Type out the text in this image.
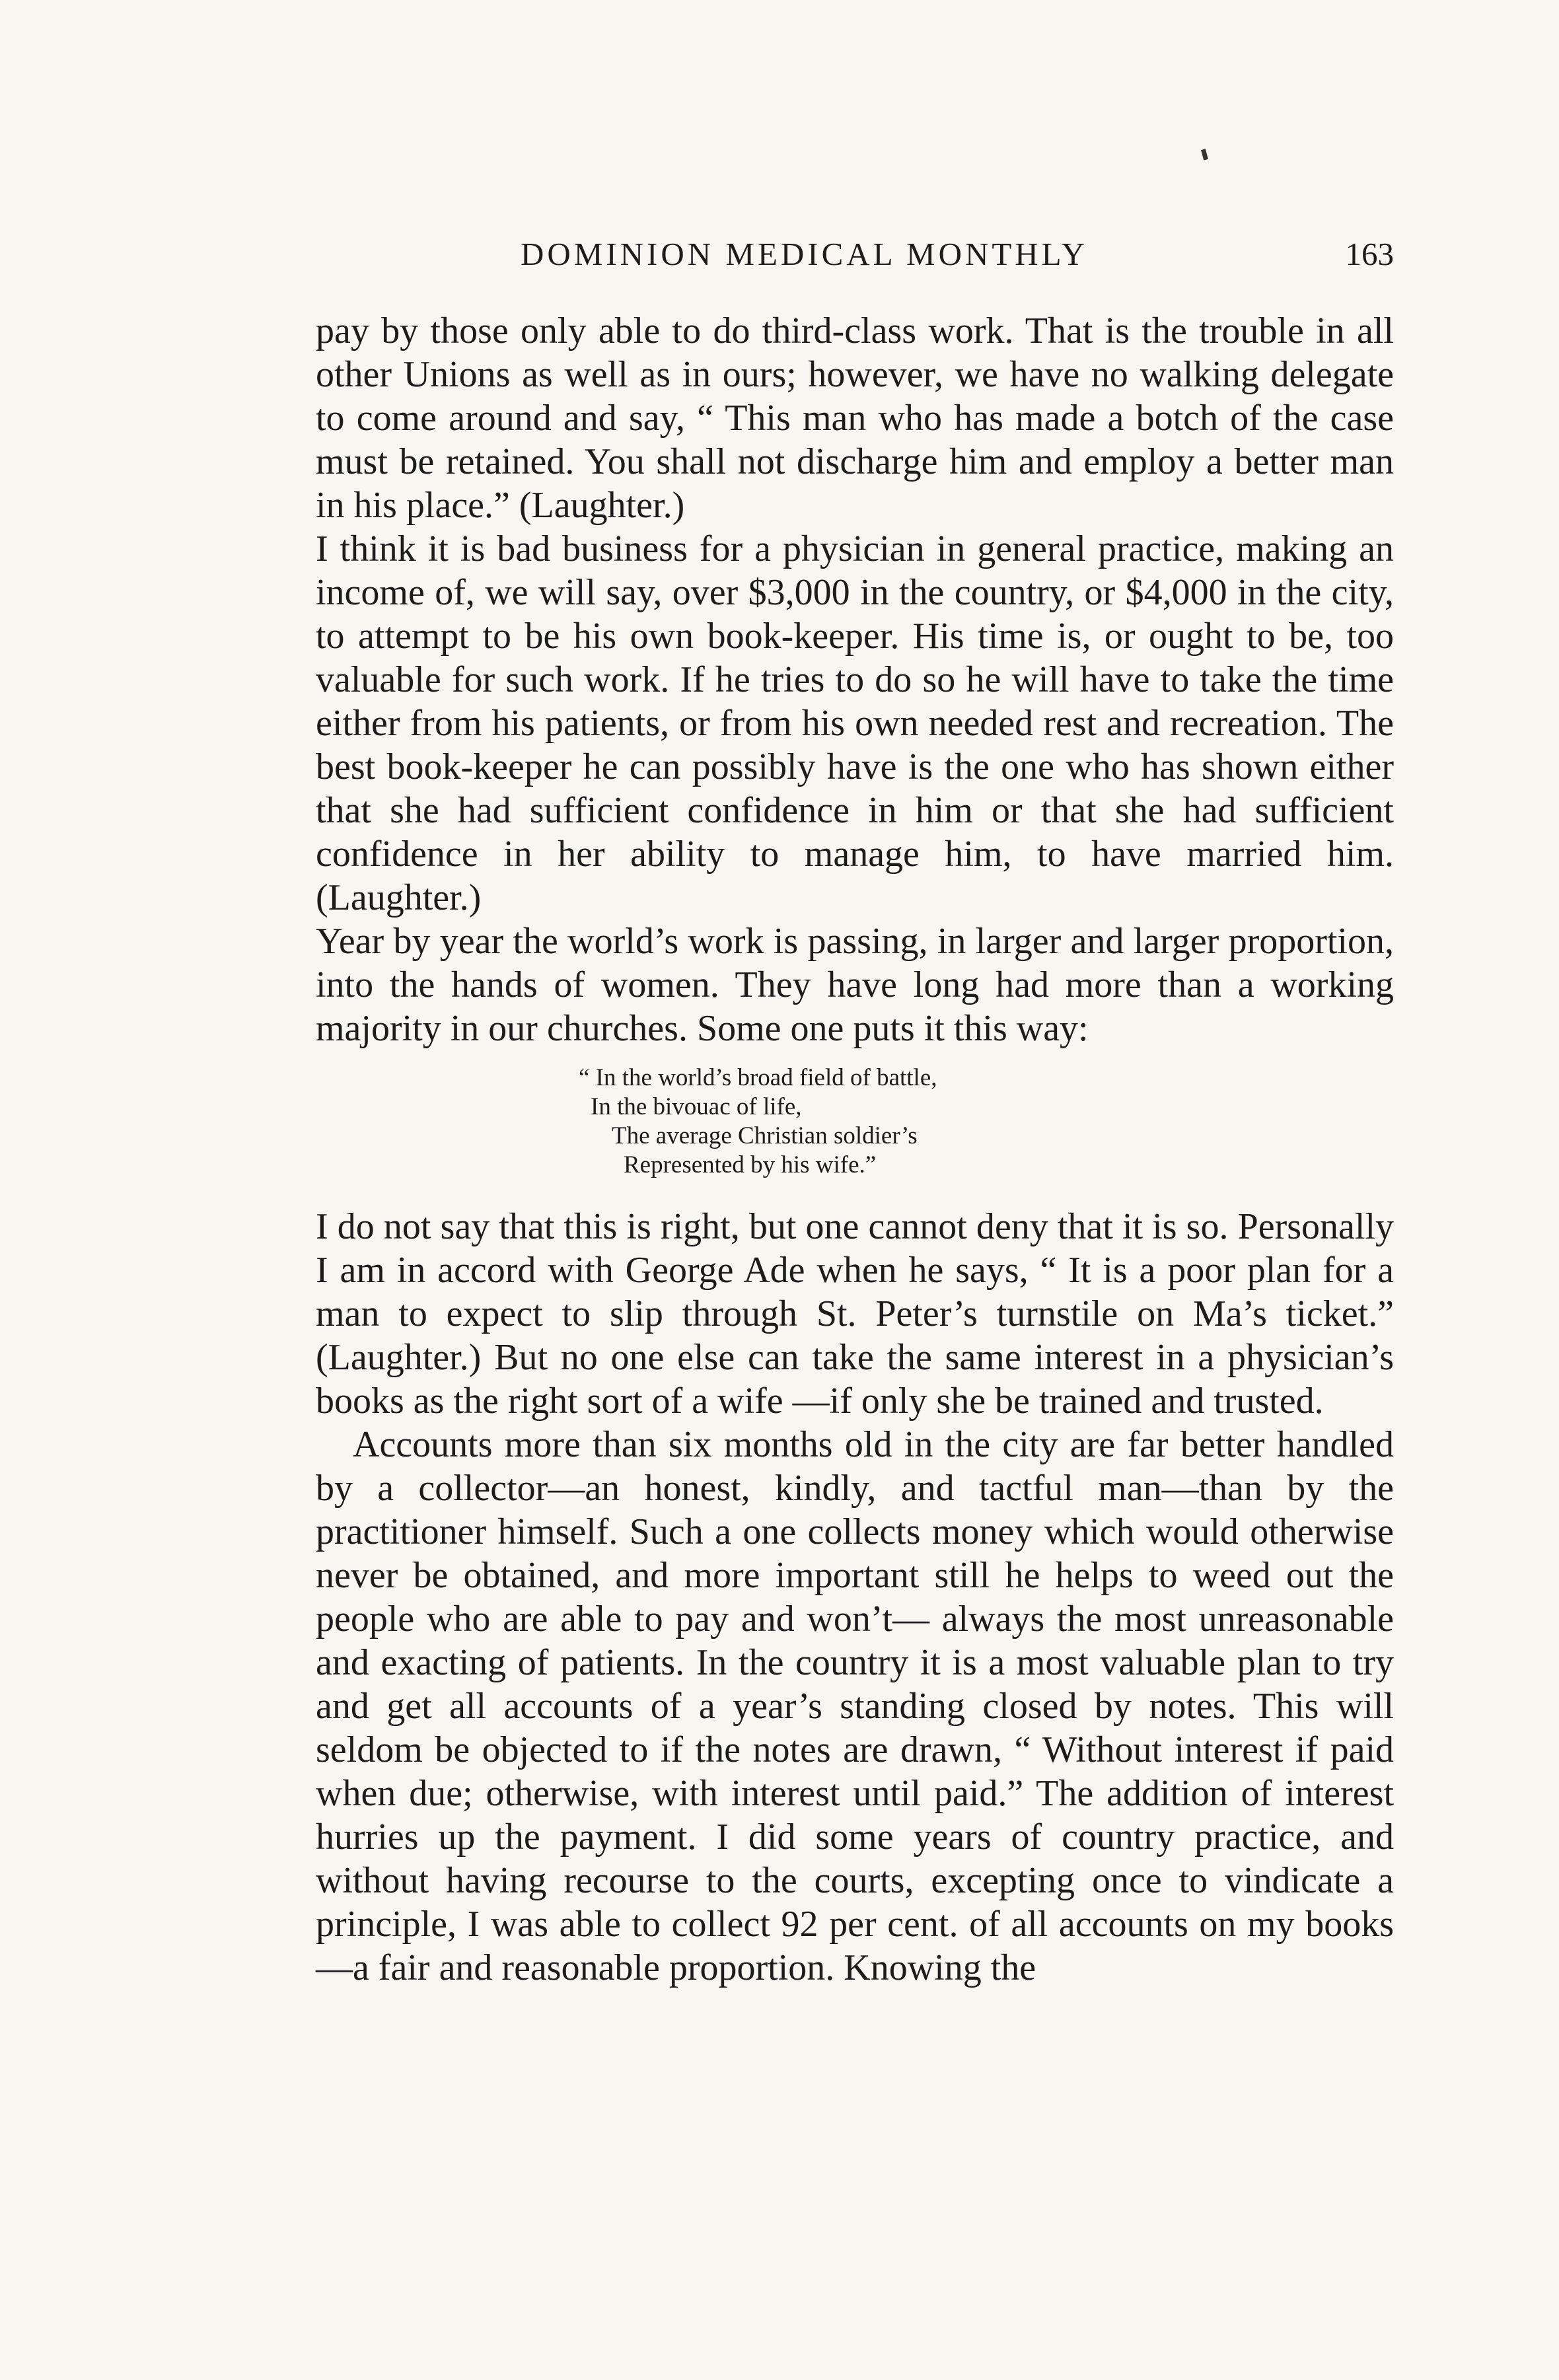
DOMINION MEDICAL MONTHLY	163

pay by those only able to do third-class work. That is the trouble in all other Unions as well as in ours; however, we have no walking delegate to come around and say, “ This man who has made a botch of the case must be retained. You shall not discharge him and employ a better man in his place.” (Laughter.)

I think it is bad business for a physician in general practice, making an income of, we will say, over $3,000 in the country, or $4,000 in the city, to attempt to be his own book-keeper. His time is, or ought to be, too valuable for such work. If he tries to do so he will have to take the time either from his patients, or from his own needed rest and recreation. The best book-keeper he can possibly have is the one who has shown either that she had sufficient confidence in him or that she had sufficient confidence in her ability to manage him, to have married him. (Laughter.)

Year by year the world’s work is passing, in larger and larger proportion, into the hands of women. They have long had more than a working majority in our churches. Some one puts it this way:

“ In the world’s broad field of battle,
In the bivouac of life,
The average Christian soldier’s
Represented by his wife.”

I do not say that this is right, but one cannot deny that it is so. Personally I am in accord with George Ade when he says, “ It is a poor plan for a man to expect to slip through St. Peter’s turnstile on Ma’s ticket.” (Laughter.) But no one else can take the same interest in a physician’s books as the right sort of a wife —if only she be trained and trusted.

Accounts more than six months old in the city are far better handled by a collector—an honest, kindly, and tactful man—than by the practitioner himself. Such a one collects money which would otherwise never be obtained, and more important still he helps to weed out the people who are able to pay and won’t— always the most unreasonable and exacting of patients. In the country it is a most valuable plan to try and get all accounts of a year’s standing closed by notes. This will seldom be objected to if the notes are drawn, “ Without interest if paid when due; otherwise, with interest until paid.” The addition of interest hurries up the payment. I did some years of country practice, and without having recourse to the courts, excepting once to vindicate a principle, I was able to collect 92 per cent. of all accounts on my books—a fair and reasonable proportion. Knowing the
